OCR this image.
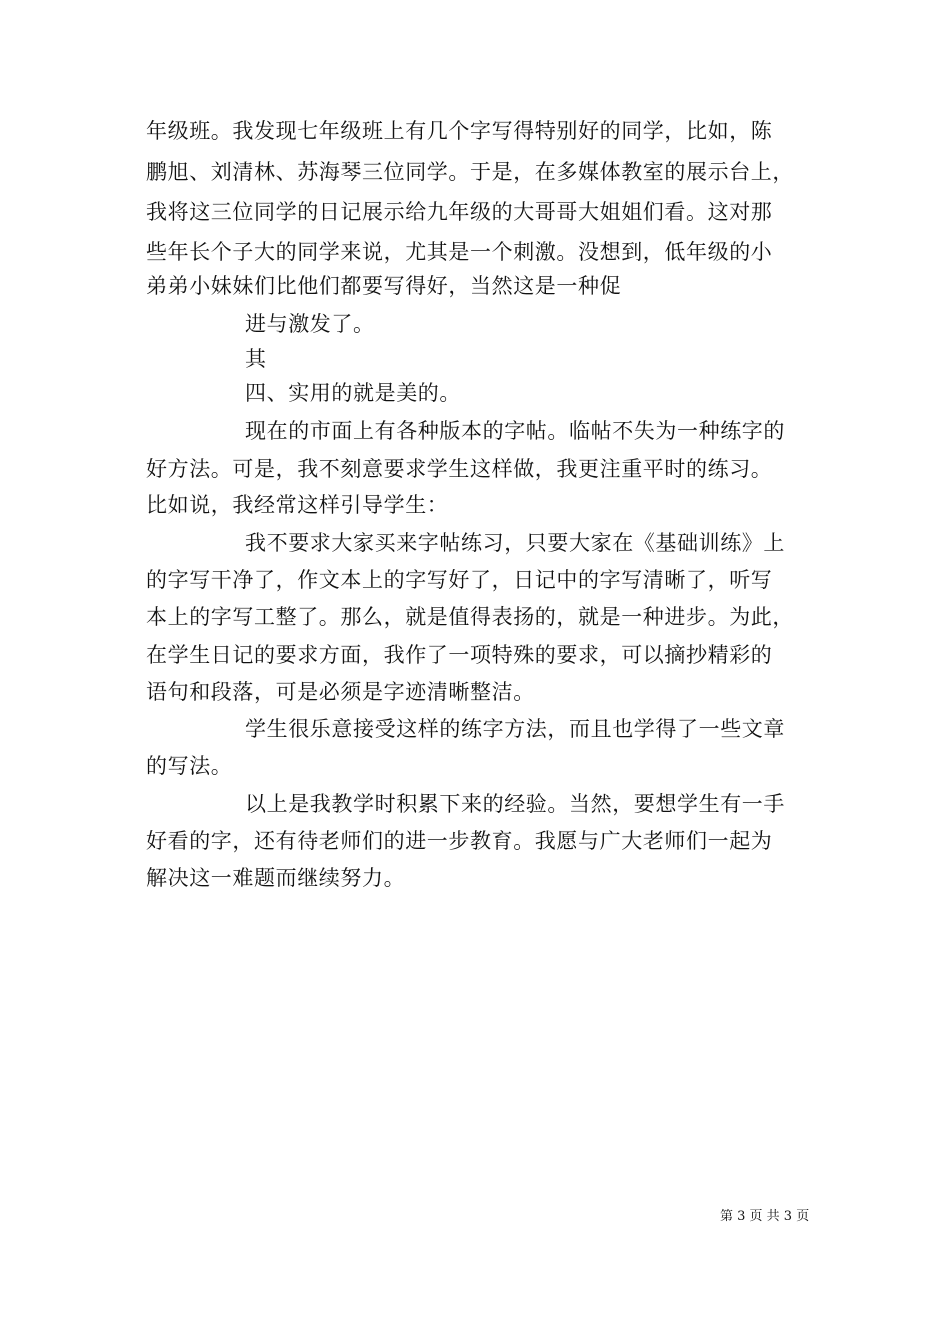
年级班。我发现七年级班上有几个字写得特别好的同学，比如，陈
鹏旭、刘清林、苏海琴三位同学。于是，在多媒体教室的展示台上，
我将这三位同学的日记展示给九年级的大哥哥大姐姐们看。这对那
些年长个子大的同学来说，尤其是一个刺激。没想到，低年级的小
弟弟小妹妹们比他们都要写得好，当然这是一种促
进与激发了。
其
四、实用的就是美的。
现在的市面上有各种版本的字帖。临帖不失为一种练字的
好方法。可是，我不刻意要求学生这样做，我更注重平时的练习。
比如说，我经常这样引导学生：
我不要求大家买来字帖练习，只要大家在《基础训练》上
的字写干净了，作文本上的字写好了，日记中的字写清晰了，听写
本上的字写工整了。那么，就是值得表扬的，就是一种进步。为此，
在学生日记的要求方面，我作了一项特殊的要求，可以摘抄精彩的
语句和段落，可是必须是字迹清晰整洁。
学生很乐意接受这样的练字方法，而且也学得了一些文章
的写法。
以上是我教学时积累下来的经验。当然，要想学生有一手
好看的字，还有待老师们的进一步教育。我愿与广大老师们一起为
解决这一难题而继续努力。
第 3 页 共 3 页
